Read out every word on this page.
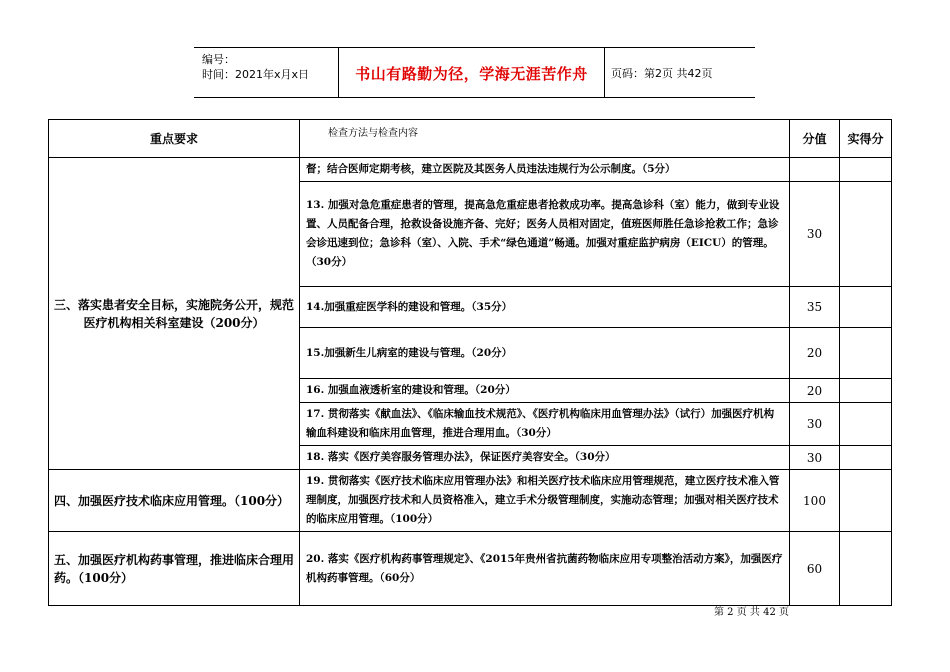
编号：
时间：2021年x月x日	书山有路勤为径，学海无涯苦作舟	页码：第2页 共42页
重点要求	检查方法与检查内容	分值	实得分
三、落实患者安全目标，实施院务公开，规范医疗机构相关科室建设（200分）	督；结合医师定期考核，建立医院及其医务人员违法违规行为公示制度。（5分）		
	13. 加强对急危重症患者的管理，提高急危重症患者抢救成功率。提高急诊科（室）能力，做到专业设置、人员配备合理，抢救设备设施齐备、完好；医务人员相对固定，值班医师胜任急诊抢救工作；急诊会诊迅速到位；急诊科（室）、入院、手术“绿色通道”畅通。加强对重症监护病房（EICU）的管理。（30分）	30	
	14.加强重症医学科的建设和管理。（35分）	35	
	15.加强新生儿病室的建设与管理。（20分）	20	
	16. 加强血液透析室的建设和管理。（20分）	20	
	17. 贯彻落实《献血法》、《临床输血技术规范》、《医疗机构临床用血管理办法》（试行）加强医疗机构输血科建设和临床用血管理，推进合理用血。（30分）	30	
	18. 落实《医疗美容服务管理办法》，保证医疗美容安全。（30分）	30	
四、加强医疗技术临床应用管理。（100分）	19. 贯彻落实《医疗技术临床应用管理办法》和相关医疗技术临床应用管理规范，建立医疗技术准入管理制度，加强医疗技术和人员资格准入，建立手术分级管理制度，实施动态管理；加强对相关医疗技术的临床应用管理。（100分）	100	
五、加强医疗机构药事管理，推进临床合理用药。（100分）	20. 落实《医疗机构药事管理规定》、《2015年贵州省抗菌药物临床应用专项整治活动方案》，加强医疗机构药事管理。（60分）	60	
第 2 页 共 42 页
